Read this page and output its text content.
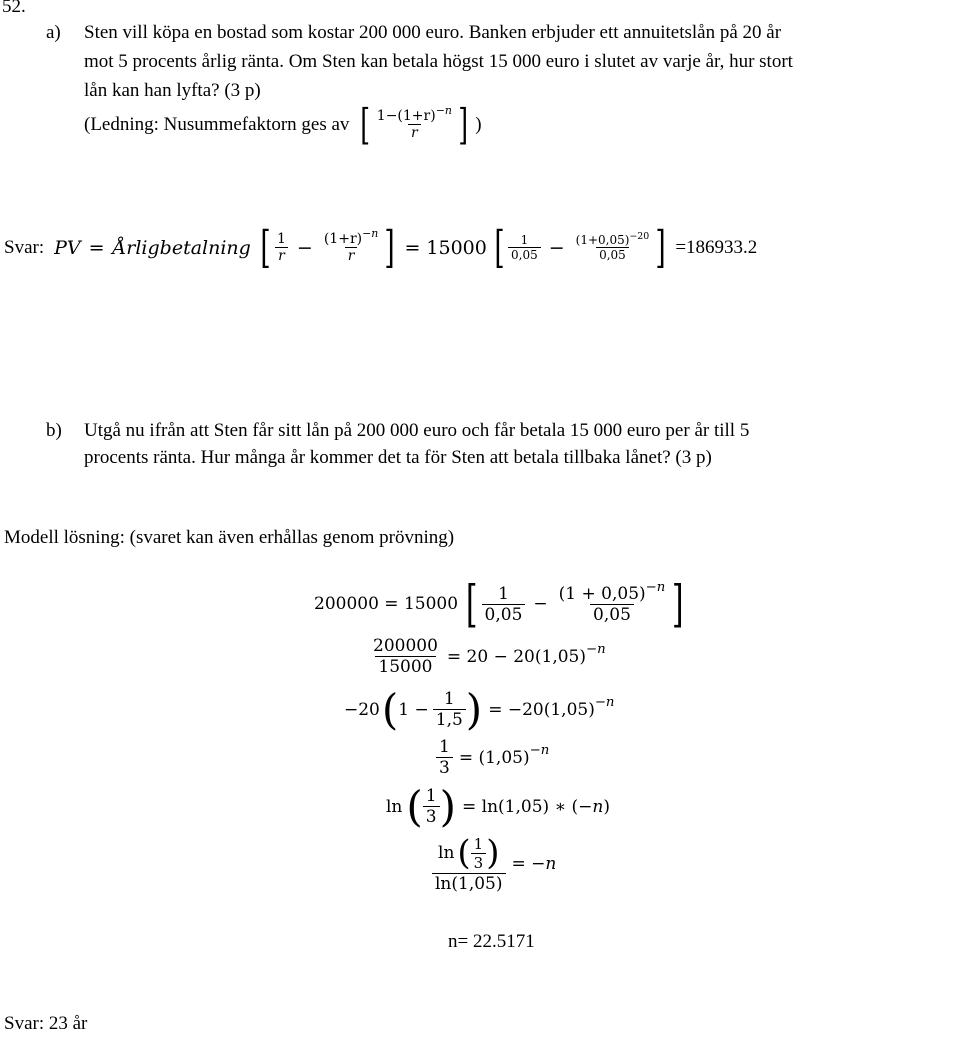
52.
a) Sten vill köpa en bostad som kostar 200 000 euro. Banken erbjuder ett annuitetslån på 20 år
mot 5 procents årlig ränta. Om Sten kan betala högst 15 000 euro i slutet av varje år, hur stort
lån kan han lyfta? (3 p)
(Ledning: Nusummefaktorn ges av [ $\frac{1-(1+r)^{-n}}{r}$ ] )
Svar: PV = Årligbetalning [ $\frac{1}{r} - \frac{(1+r)^{-n}}{r}$ ] = 15000 [ $\frac{1}{0,05} - \frac{(1+0,05)^{-20}}{0,05}$ ] =186933.2
b) Utgå nu ifrån att Sten får sitt lån på 200 000 euro och får betala 15 000 euro per år till 5
procents ränta. Hur många år kommer det ta för Sten att betala tillbaka lånet? (3 p)
Modell lösning: (svaret kan även erhållas genom prövning)
200000 = 15000 [ $\frac{1}{0,05} - \frac{(1 + 0,05)^{-n}}{0,05}$ ]
$\frac{200000}{15000} = 20 - 20(1,05) -n$
−20 ( $1 - \frac{1}{1,5}$ ) = −20(1,05) −n
$\frac{1}{3} = (1,05) -n$
ln ( $\frac{1}{3}$ ) = ln(1,05) ∗ (− n )
$\frac{\ln ( \frac{1}{3} )}{\ln(1,05)}$ = − n
n= 22.5171
Svar: 23 år
